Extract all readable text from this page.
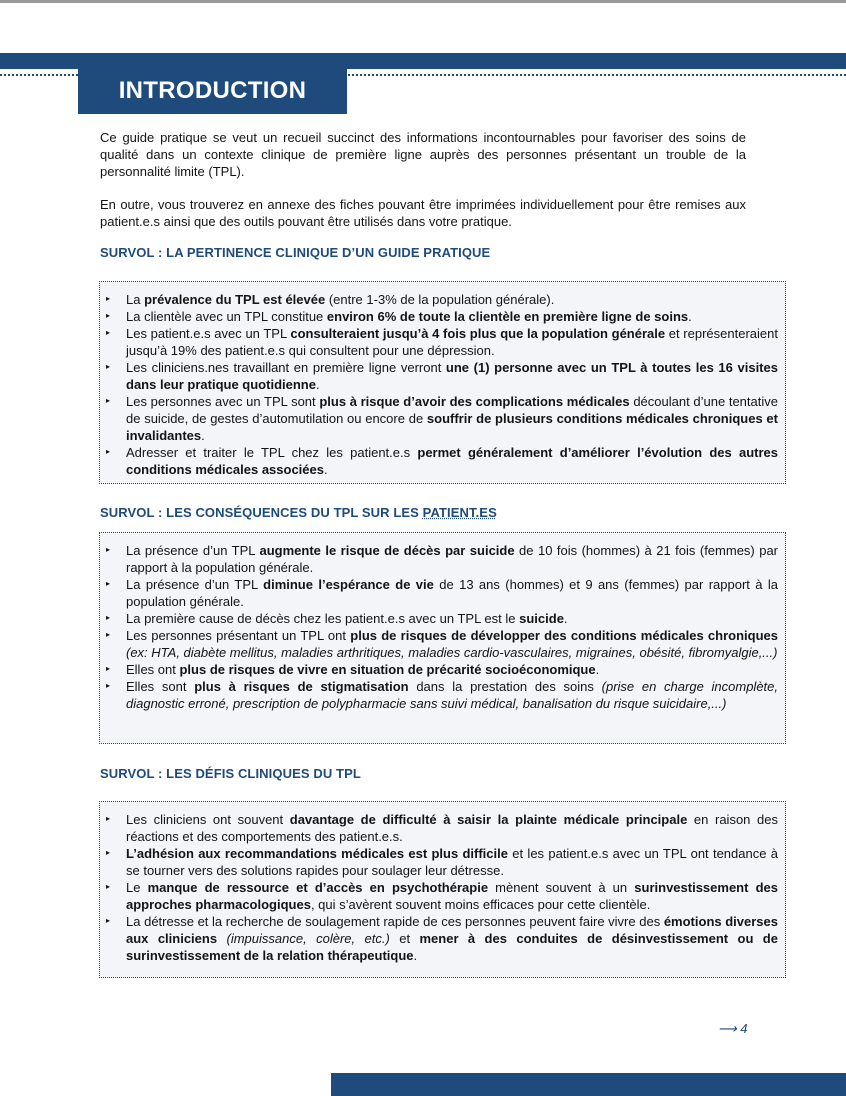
INTRODUCTION

Ce guide pratique se veut un recueil succinct des informations incontournables pour favoriser des soins de qualité dans un contexte clinique de première ligne auprès des personnes présentant un trouble de la personnalité limite (TPL).

En outre, vous trouverez en annexe des fiches pouvant être imprimées individuellement pour être remises aux patient.e.s ainsi que des outils pouvant être utilisés dans votre pratique.

SURVOL : LA PERTINENCE CLINIQUE D’UN GUIDE PRATIQUE

▸ La prévalence du TPL est élevée (entre 1-3% de la population générale).
▸ La clientèle avec un TPL constitue environ 6% de toute la clientèle en première ligne de soins.
▸ Les patient.e.s avec un TPL consulteraient jusqu’à 4 fois plus que la population générale et représenteraient jusqu’à 19% des patient.e.s qui consultent pour une dépression.
▸ Les cliniciens.nes travaillant en première ligne verront une (1) personne avec un TPL à toutes les 16 visites dans leur pratique quotidienne.
▸ Les personnes avec un TPL sont plus à risque d’avoir des complications médicales découlant d’une tentative de suicide, de gestes d’automutilation ou encore de souffrir de plusieurs conditions médicales chroniques et invalidantes.
▸ Adresser et traiter le TPL chez les patient.e.s permet généralement d’améliorer l’évolution des autres conditions médicales associées.

SURVOL : LES CONSÉQUENCES DU TPL SUR LES PATIENT.ES

▸ La présence d’un TPL augmente le risque de décès par suicide de 10 fois (hommes) à 21 fois (femmes) par rapport à la population générale.
▸ La présence d’un TPL diminue l’espérance de vie de 13 ans (hommes) et 9 ans (femmes) par rapport à la population générale.
▸ La première cause de décès chez les patient.e.s avec un TPL est le suicide.
▸ Les personnes présentant un TPL ont plus de risques de développer des conditions médicales chroniques (ex: HTA, diabète mellitus, maladies arthritiques, maladies cardio-vasculaires, migraines, obésité, fibromyalgie,...)
▸ Elles ont plus de risques de vivre en situation de précarité socioéconomique.
▸ Elles sont plus à risques de stigmatisation dans la prestation des soins (prise en charge incomplète, diagnostic erroné, prescription de polypharmacie sans suivi médical, banalisation du risque suicidaire,...)

SURVOL : LES DÉFIS CLINIQUES DU TPL

▸ Les cliniciens ont souvent davantage de difficulté à saisir la plainte médicale principale en raison des réactions et des comportements des patient.e.s.
▸ L’adhésion aux recommandations médicales est plus difficile et les patient.e.s avec un TPL ont tendance à se tourner vers des solutions rapides pour soulager leur détresse.
▸ Le manque de ressource et d’accès en psychothérapie mènent souvent à un surinvestissement des approches pharmacologiques, qui s’avèrent souvent moins efficaces pour cette clientèle.
▸ La détresse et la recherche de soulagement rapide de ces personnes peuvent faire vivre des émotions diverses aux cliniciens (impuissance, colère, etc.) et mener à des conduites de désinvestissement ou de surinvestissement de la relation thérapeutique.
⟶ 4
